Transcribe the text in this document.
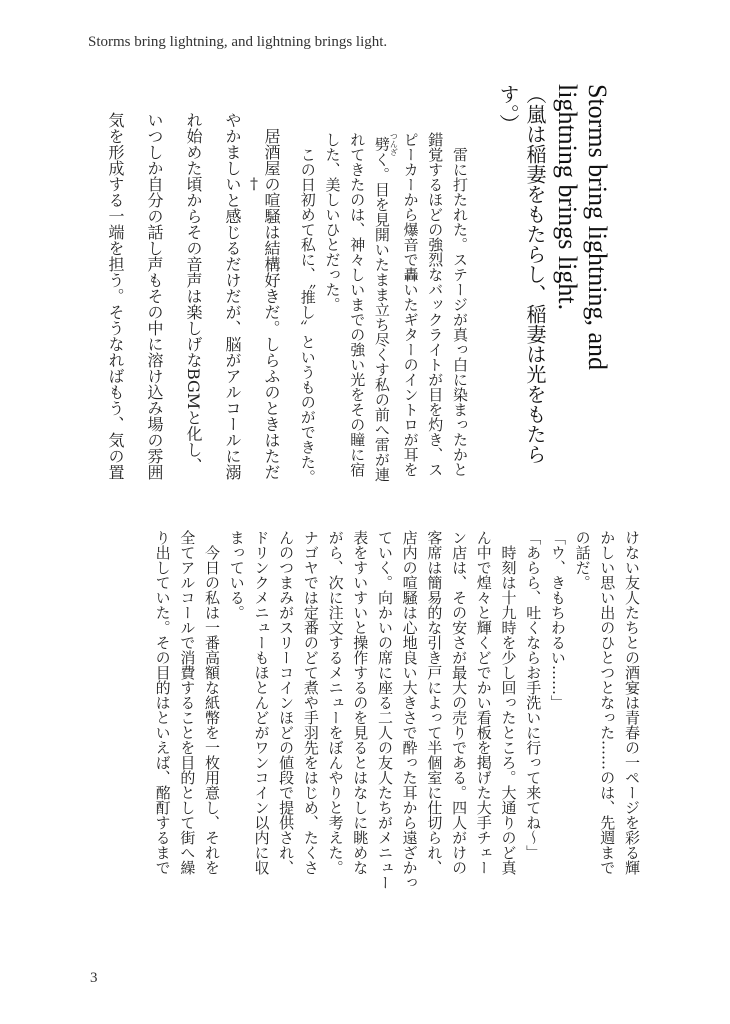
Storms bring lightning, and lightning brings light.
Storms bring lightning, and lightning brings light.
（嵐は稲妻をもたらし、稲妻は光をもたらす。）

　雷に打たれた。ステージが真っ白に染まったかと

錯覚するほどの強烈なバックライトが目を灼き、ス

ピーカーから爆音で轟いたギターのイントロが耳を

劈つんざく。目を見開いたまま立ち尽くす私の前へ雷が連

れてきたのは、神々しいまでの強い光をその瞳に宿

した、美しいひとだった。

　この日初めて私に、〝推し〟というものができた。

† 　居酒屋の喧騒は結構好きだ。しらふのときはただ

やかましいと感じるだけだが、脳がアルコールに溺

れ始めた頃からその音声は楽しげなBGMと化し、

いつしか自分の話し声もその中に溶け込み場の雰囲

気を形成する一端を担う。そうなればもう、気の置

けない友人たちとの酒宴は青春の一ページを彩る輝

かしい思い出のひとつとなった……のは、先週まで

の話だ。

「ウ、きもちわるい……」

「あらら、吐くならお手洗いに行って来てね〜」

　時刻は十九時を少し回ったところ。大通りのど真

ん中で煌々と輝くどでかい看板を掲げた大手チェー

ン店は、その安さが最大の売りである。四人がけの

客席は簡易的な引き戸によって半個室に仕切られ、

店内の喧騒は心地良い大きさで酔った耳から遠ざかっ

ていく。向かいの席に座る二人の友人たちがメニュー

表をすいすいと操作するのを見るとはなしに眺めな

がら、次に注文するメニューをぼんやりと考えた。

ナゴヤでは定番のどて煮や手羽先をはじめ、たくさ

んのつまみがスリーコインほどの値段で提供され、

ドリンクメニューもほとんどがワンコイン以内に収

まっている。

　今日の私は一番高額な紙幣を一枚用意し、それを

全てアルコールで消費することを目的として街へ繰

り出していた。その目的はといえば、酩酊するまで

3
